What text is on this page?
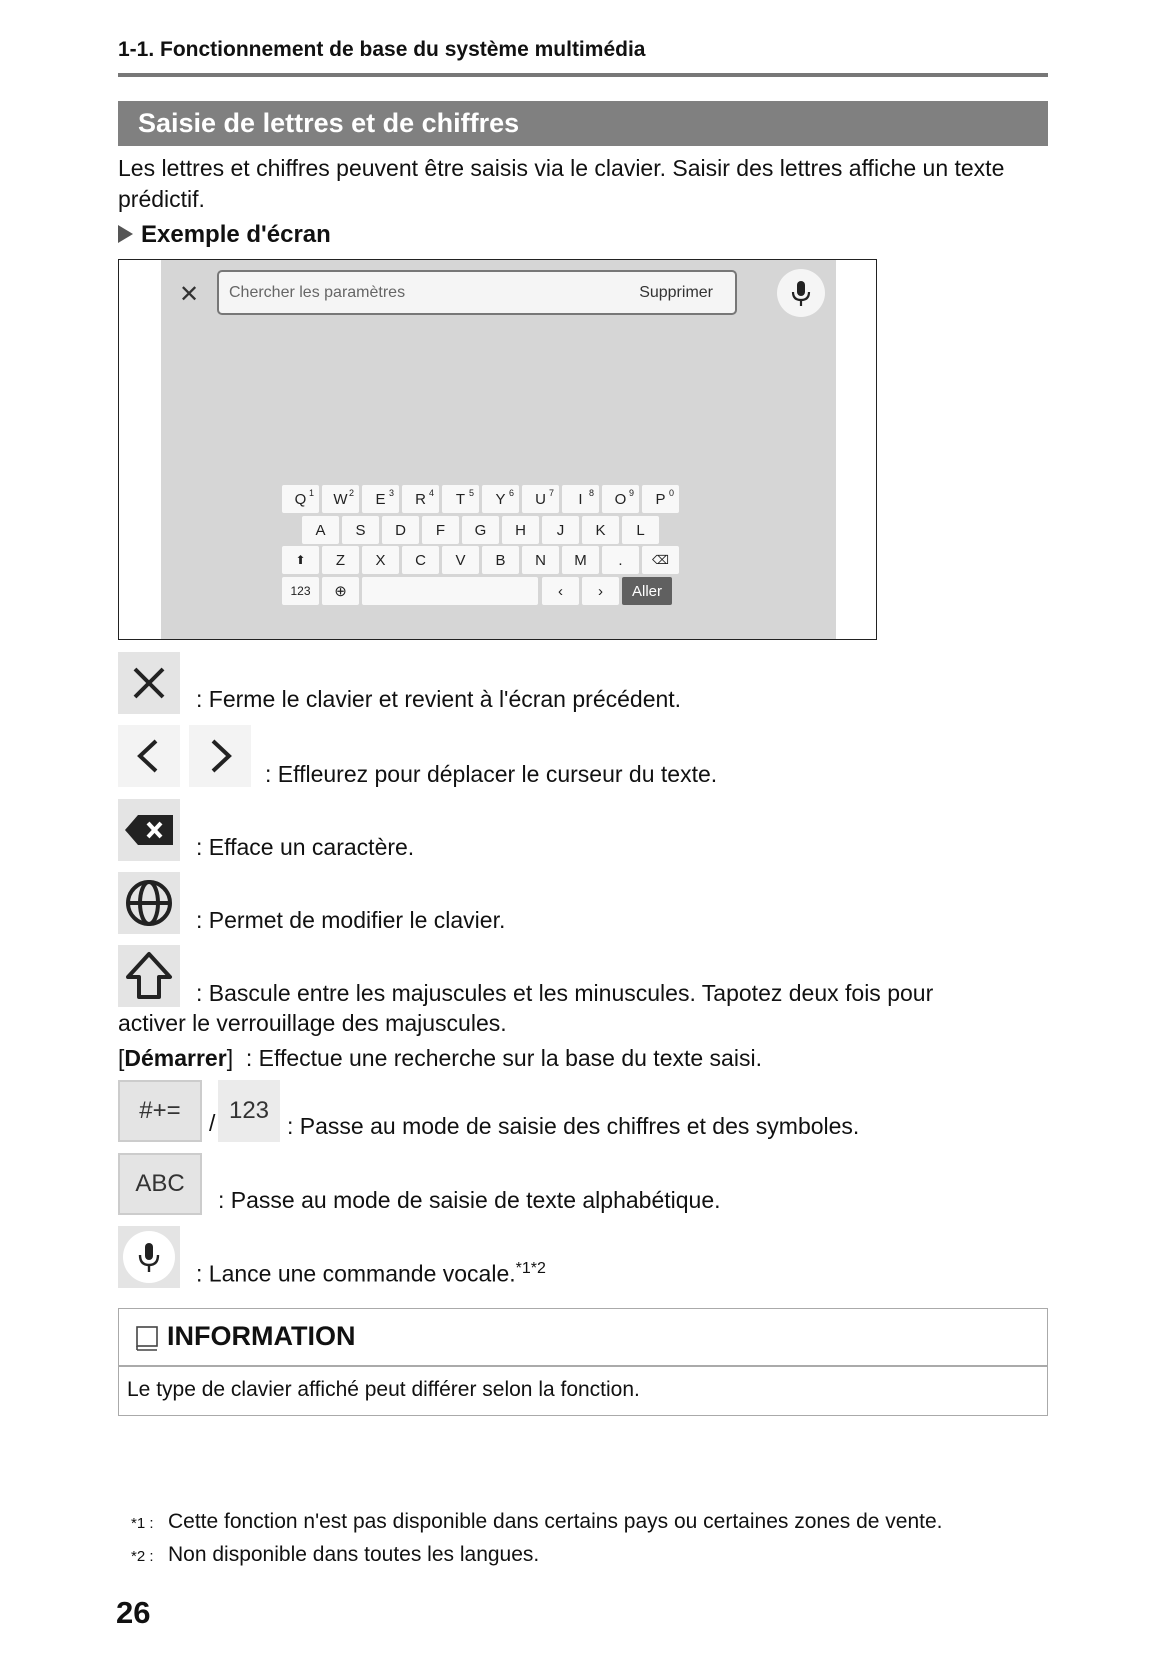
1-1. Fonctionnement de base du système multimédia
Saisie de lettres et de chiffres
Les lettres et chiffres peuvent être saisis via le clavier. Saisir des lettres affiche un texte prédictif.
Exemple d'écran
✕ Chercher les paramètres	Supprimer
Q 1	W 2	E 3	R 4	T 5	Y 6	U 7	I 8	O 9	P 0
A	S	D	F	G	H	J	K	L
⬆	Z	X	C	V	B	N	M	.	⌫
123	⊕	‹	›	Aller
: Ferme le clavier et revient à l'écran précédent.
: Effleurez pour déplacer le curseur du texte.
: Efface un caractère.
: Permet de modifier le clavier.
: Bascule entre les majuscules et les minuscules. Tapotez deux fois pour
activer le verrouillage des majuscules.
[Démarrer]  : Effectue une recherche sur la base du texte saisi.
#+=	/ 123
: Passe au mode de saisie des chiffres et des symboles.
ABC
: Passe au mode de saisie de texte alphabétique.
: Lance une commande vocale.$^{*1*2}$
INFORMATION
Le type de clavier affiché peut différer selon la fonction.
*1 : Cette fonction n'est pas disponible dans certains pays ou certaines zones de vente.
*2 : Non disponible dans toutes les langues.
26
